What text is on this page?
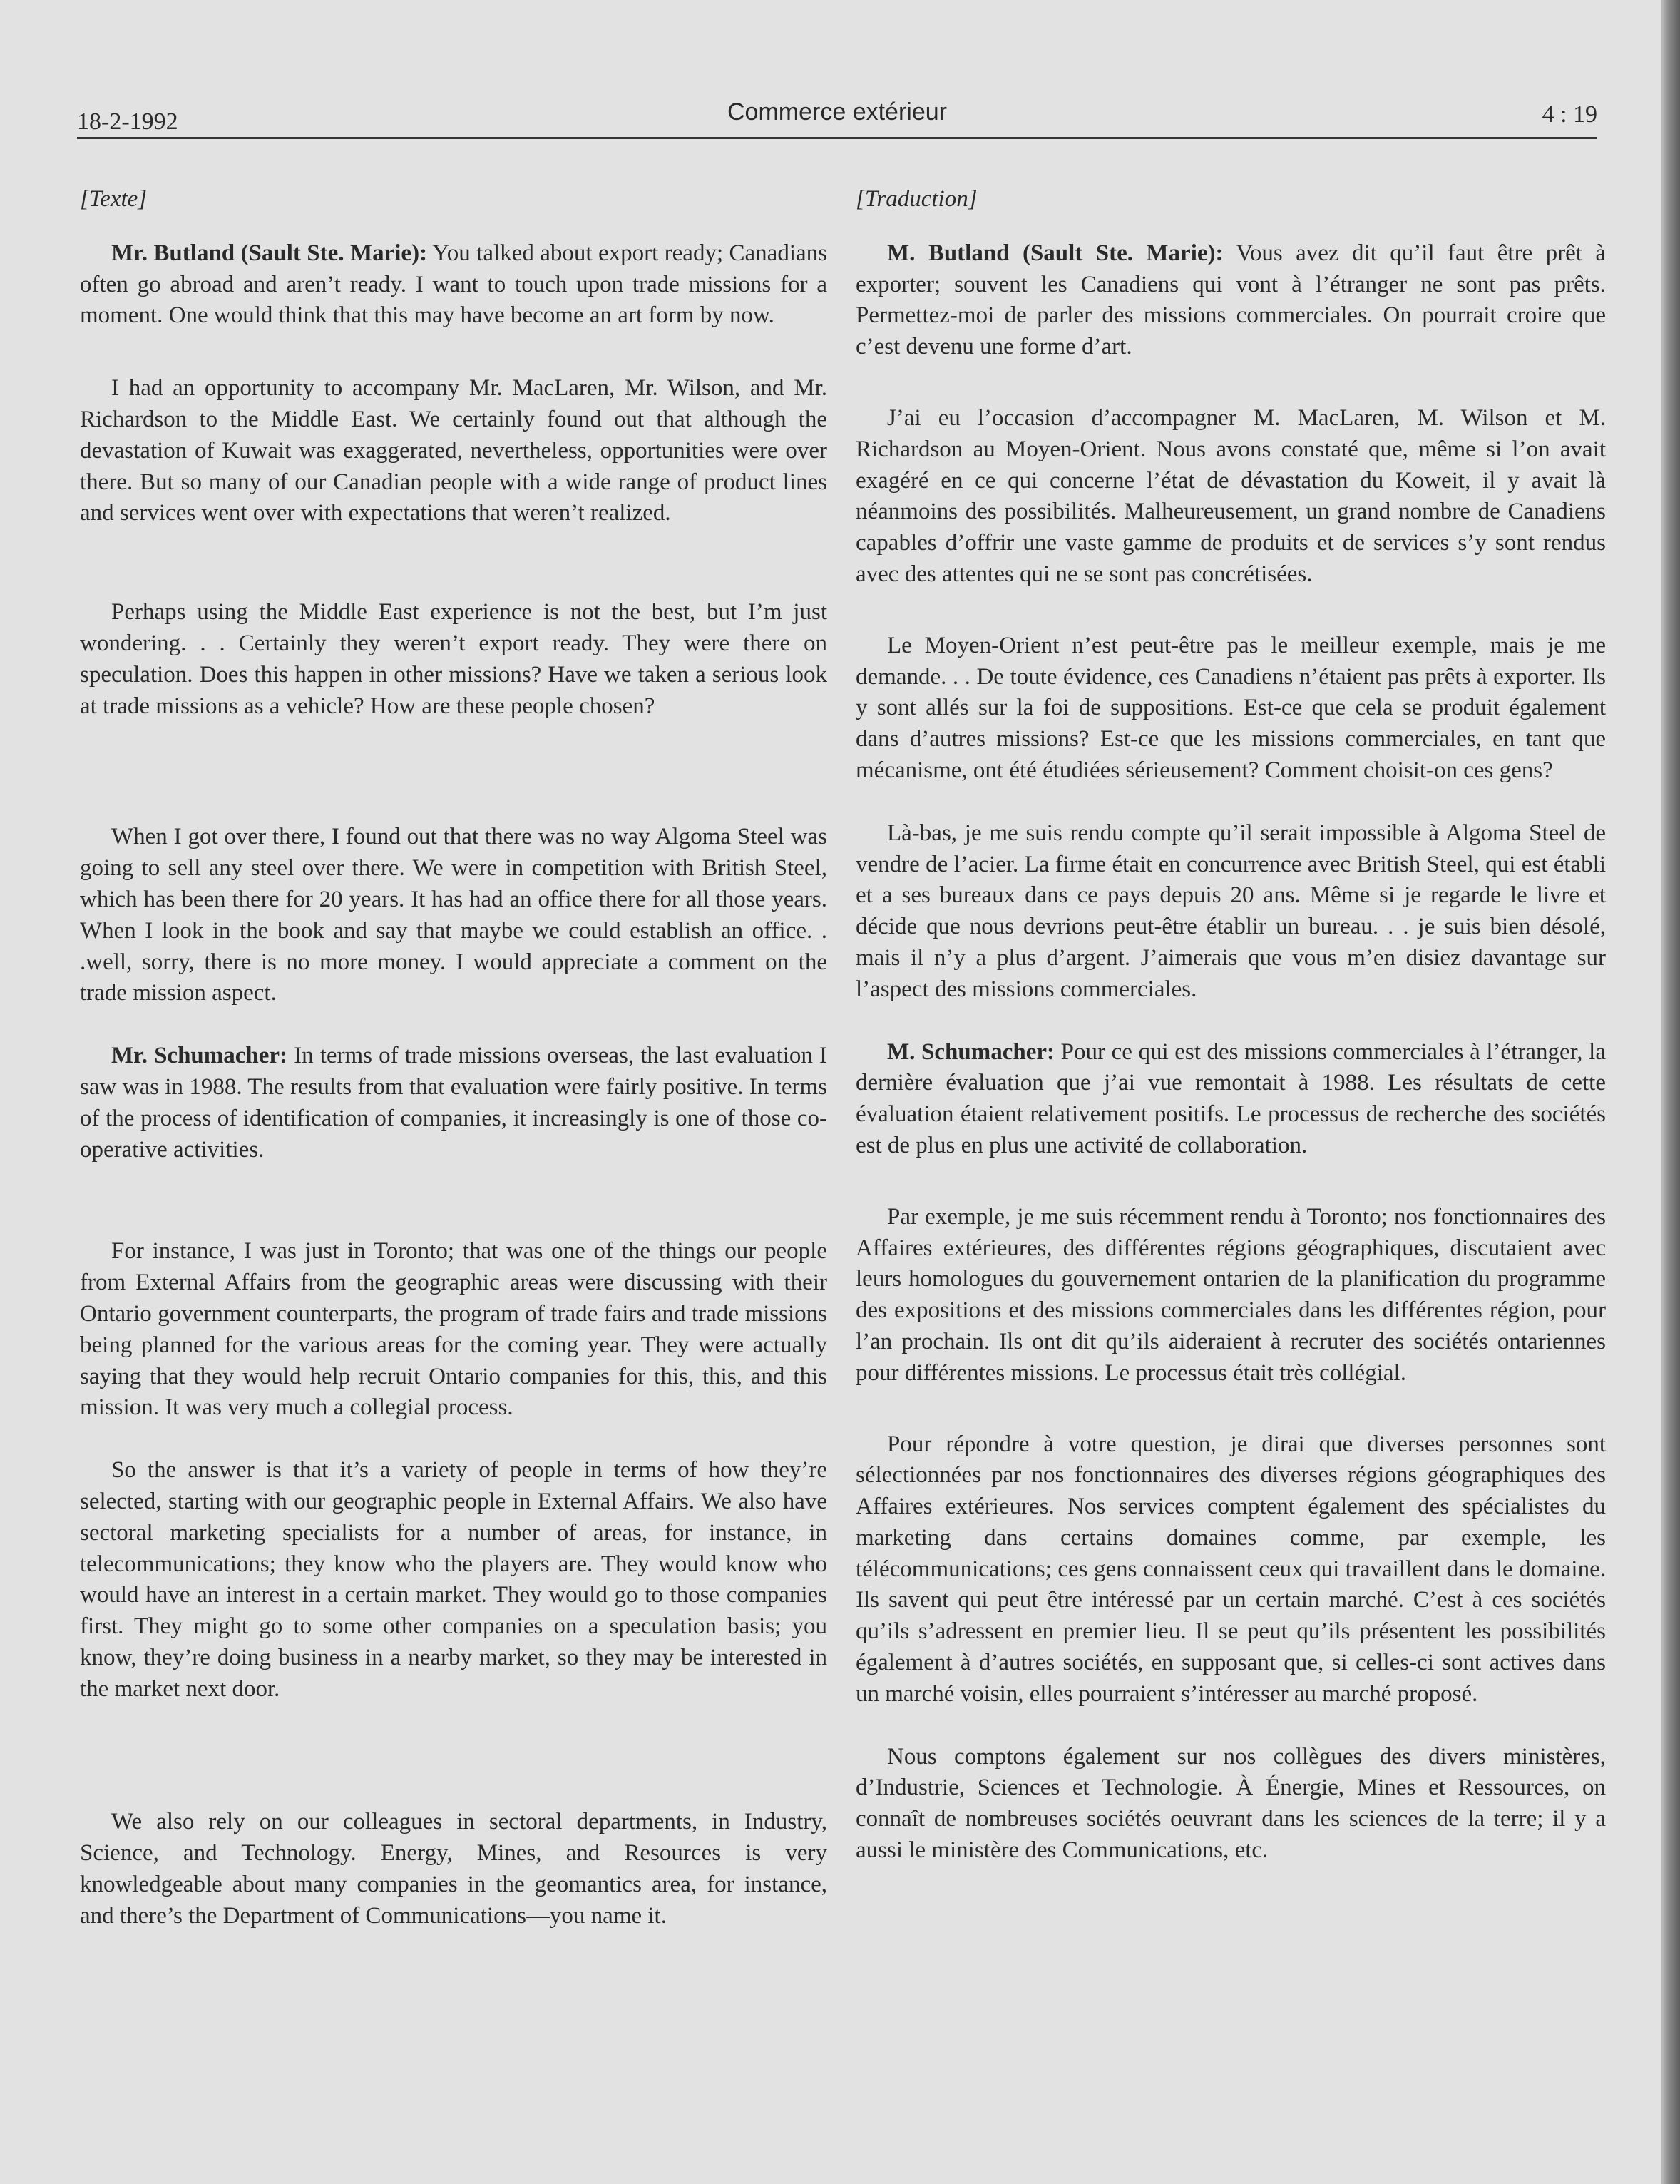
18-2-1992	Commerce extérieur	4 : 19
[Texte]

Mr. Butland (Sault Ste. Marie): You talked about export ready; Canadians often go abroad and aren’t ready. I want to touch upon trade missions for a moment. One would think that this may have become an art form by now.

I had an opportunity to accompany Mr. MacLaren, Mr. Wilson, and Mr. Richardson to the Middle East. We certainly found out that although the devastation of Kuwait was exaggerated, nevertheless, opportunities were over there. But so many of our Canadian people with a wide range of product lines and services went over with expectations that weren’t realized.

Perhaps using the Middle East experience is not the best, but I’m just wondering. . . Certainly they weren’t export ready. They were there on speculation. Does this happen in other missions? Have we taken a serious look at trade missions as a vehicle? How are these people chosen?

When I got over there, I found out that there was no way Algoma Steel was going to sell any steel over there. We were in competition with British Steel, which has been there for 20 years. It has had an office there for all those years. When I look in the book and say that maybe we could establish an office. . .well, sorry, there is no more money. I would appreciate a comment on the trade mission aspect.

Mr. Schumacher: In terms of trade missions overseas, the last evaluation I saw was in 1988. The results from that evaluation were fairly positive. In terms of the process of identification of companies, it increasingly is one of those co-operative activities.

For instance, I was just in Toronto; that was one of the things our people from External Affairs from the geographic areas were discussing with their Ontario government counterparts, the program of trade fairs and trade missions being planned for the various areas for the coming year. They were actually saying that they would help recruit Ontario companies for this, this, and this mission. It was very much a collegial process.

So the answer is that it’s a variety of people in terms of how they’re selected, starting with our geographic people in External Affairs. We also have sectoral marketing specialists for a number of areas, for instance, in telecommunications; they know who the players are. They would know who would have an interest in a certain market. They would go to those companies first. They might go to some other companies on a speculation basis; you know, they’re doing business in a nearby market, so they may be interested in the market next door.

We also rely on our colleagues in sectoral departments, in Industry, Science, and Technology. Energy, Mines, and Resources is very knowledgeable about many companies in the geomantics area, for instance, and there’s the Department of Communications—you name it.

[Traduction]

M. Butland (Sault Ste. Marie): Vous avez dit qu’il faut être prêt à exporter; souvent les Canadiens qui vont à l’étranger ne sont pas prêts. Permettez-moi de parler des missions commerciales. On pourrait croire que c’est devenu une forme d’art.

J’ai eu l’occasion d’accompagner M. MacLaren, M. Wilson et M. Richardson au Moyen-Orient. Nous avons constaté que, même si l’on avait exagéré en ce qui concerne l’état de dévastation du Koweit, il y avait là néanmoins des possibilités. Malheureusement, un grand nombre de Canadiens capables d’offrir une vaste gamme de produits et de services s’y sont rendus avec des attentes qui ne se sont pas concrétisées.

Le Moyen-Orient n’est peut-être pas le meilleur exemple, mais je me demande. . . De toute évidence, ces Canadiens n’étaient pas prêts à exporter. Ils y sont allés sur la foi de suppositions. Est-ce que cela se produit également dans d’autres missions? Est-ce que les missions commerciales, en tant que mécanisme, ont été étudiées sérieusement? Comment choisit-on ces gens?

Là-bas, je me suis rendu compte qu’il serait impossible à Algoma Steel de vendre de l’acier. La firme était en concurrence avec British Steel, qui est établi et a ses bureaux dans ce pays depuis 20 ans. Même si je regarde le livre et décide que nous devrions peut-être établir un bureau. . . je suis bien désolé, mais il n’y a plus d’argent. J’aimerais que vous m’en disiez davantage sur l’aspect des missions commerciales.

M. Schumacher: Pour ce qui est des missions commerciales à l’étranger, la dernière évaluation que j’ai vue remontait à 1988. Les résultats de cette évaluation étaient relativement positifs. Le processus de recherche des sociétés est de plus en plus une activité de collaboration.

Par exemple, je me suis récemment rendu à Toronto; nos fonctionnaires des Affaires extérieures, des différentes régions géographiques, discutaient avec leurs homologues du gouvernement ontarien de la planification du programme des expositions et des missions commerciales dans les différentes région, pour l’an prochain. Ils ont dit qu’ils aideraient à recruter des sociétés ontariennes pour différentes missions. Le processus était très collégial.

Pour répondre à votre question, je dirai que diverses personnes sont sélectionnées par nos fonctionnaires des diverses régions géographiques des Affaires extérieures. Nos services comptent également des spécialistes du marketing dans certains domaines comme, par exemple, les télécommunications; ces gens connaissent ceux qui travaillent dans le domaine. Ils savent qui peut être intéressé par un certain marché. C’est à ces sociétés qu’ils s’adressent en premier lieu. Il se peut qu’ils présentent les possibilités également à d’autres sociétés, en supposant que, si celles-ci sont actives dans un marché voisin, elles pourraient s’intéresser au marché proposé.

Nous comptons également sur nos collègues des divers ministères, d’Industrie, Sciences et Technologie. À Énergie, Mines et Ressources, on connaît de nombreuses sociétés oeuvrant dans les sciences de la terre; il y a aussi le ministère des Communications, etc.
